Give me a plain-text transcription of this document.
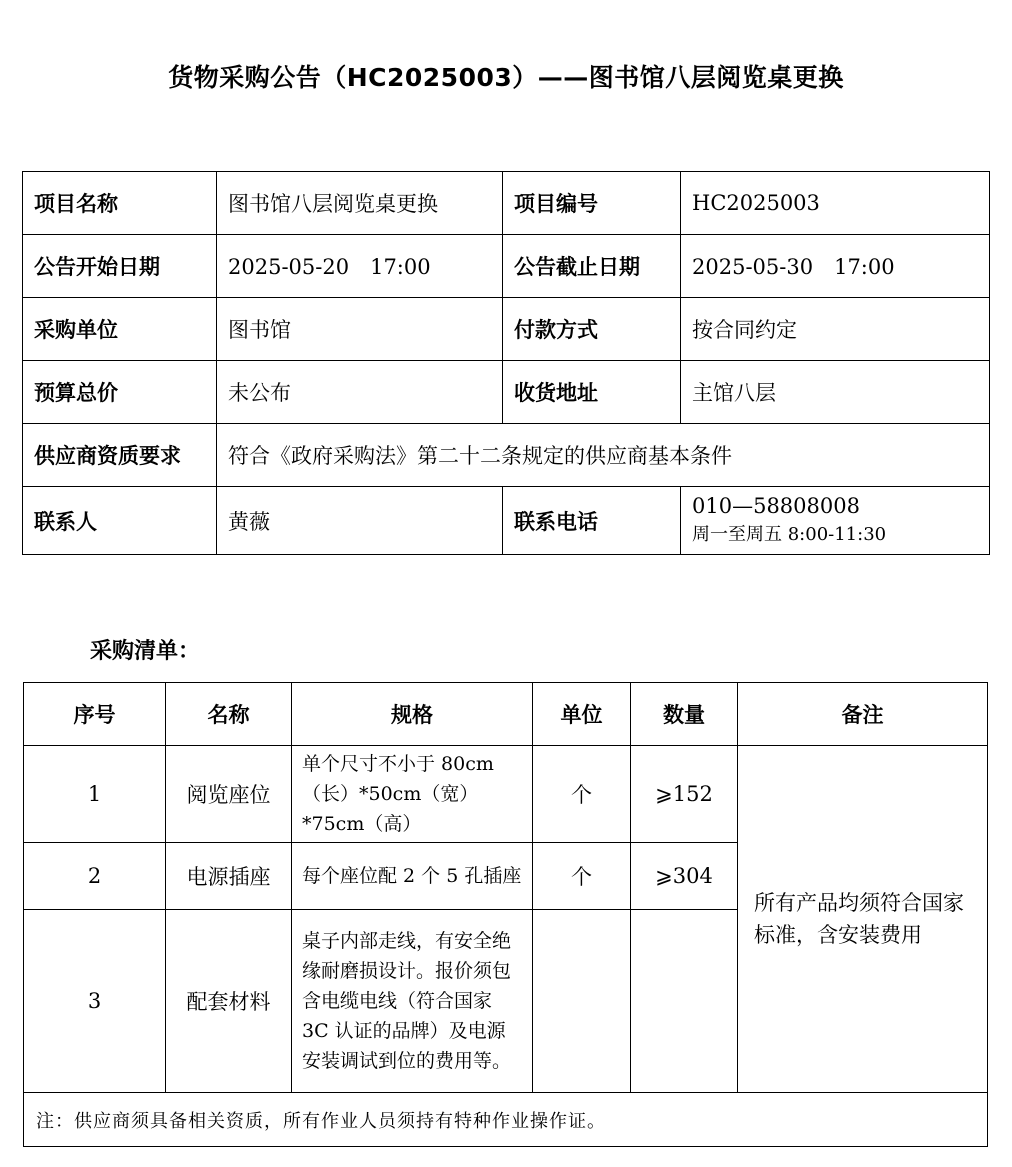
货物采购公告（HC2025003）——图书馆八层阅览桌更换
项目名称	图书馆八层阅览桌更换	项目编号	HC2025003
公告开始日期	2025-05-20　17:00	公告截止日期	2025-05-30　17:00
采购单位	图书馆	付款方式	按合同约定
预算总价	未公布	收货地址	主馆八层
供应商资质要求	符合《政府采购法》第二十二条规定的供应商基本条件		
联系人	黄薇	联系电话	010—58808008
周一至周五 8:00-11:30
采购清单：
序号	名称	规格	单位	数量	备注
1	阅览座位	单个尺寸不小于 80cm（长）*50cm（宽）*75cm（高）	个	⩾152	所有产品均须符合国家标准，含安装费用
2	电源插座	每个座位配 2 个 5 孔插座	个	⩾304	
3	配套材料	桌子内部走线，有安全绝缘耐磨损设计。报价须包含电缆电线（符合国家 3C 认证的品牌）及电源安装调试到位的费用等。			
注：供应商须具备相关资质，所有作业人员须持有特种作业操作证。					
